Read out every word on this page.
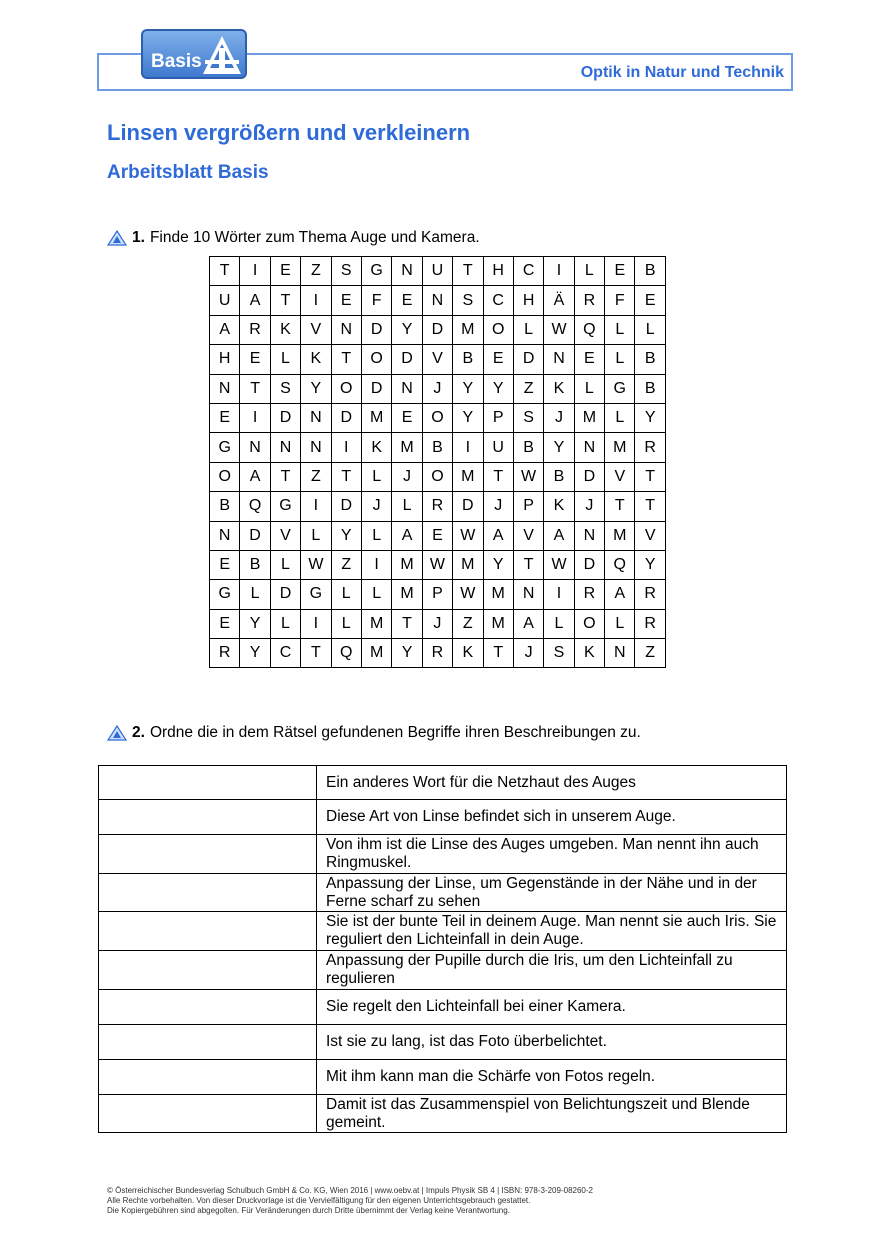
Basis
Optik in Natur und Technik
Linsen vergrößern und verkleinern
Arbeitsblatt Basis
1. Finde 10 Wörter zum Thema Auge und Kamera.
T	I	E	Z	S	G	N	U	T	H	C	I	L	E	B
U	A	T	I	E	F	E	N	S	C	H	Ä	R	F	E
A	R	K	V	N	D	Y	D	M	O	L	W	Q	L	L
H	E	L	K	T	O	D	V	B	E	D	N	E	L	B
N	T	S	Y	O	D	N	J	Y	Y	Z	K	L	G	B
E	I	D	N	D	M	E	O	Y	P	S	J	M	L	Y
G	N	N	N	I	K	M	B	I	U	B	Y	N	M	R
O	A	T	Z	T	L	J	O	M	T	W	B	D	V	T
B	Q	G	I	D	J	L	R	D	J	P	K	J	T	T
N	D	V	L	Y	L	A	E	W	A	V	A	N	M	V
E	B	L	W	Z	I	M	W	M	Y	T	W	D	Q	Y
G	L	D	G	L	L	M	P	W	M	N	I	R	A	R
E	Y	L	I	L	M	T	J	Z	M	A	L	O	L	R
R	Y	C	T	Q	M	Y	R	K	T	J	S	K	N	Z
2. Ordne die in dem Rätsel gefundenen Begriffe ihren Beschreibungen zu.
	Ein anderes Wort für die Netzhaut des Auges
	Diese Art von Linse befindet sich in unserem Auge.
	Von ihm ist die Linse des Auges umgeben. Man nennt ihn auch Ringmuskel.
	Anpassung der Linse, um Gegenstände in der Nähe und in der Ferne scharf zu sehen
	Sie ist der bunte Teil in deinem Auge. Man nennt sie auch Iris. Sie reguliert den Lichteinfall in dein Auge.
	Anpassung der Pupille durch die Iris, um den Lichteinfall zu regulieren
	Sie regelt den Lichteinfall bei einer Kamera.
	Ist sie zu lang, ist das Foto überbelichtet.
	Mit ihm kann man die Schärfe von Fotos regeln.
	Damit ist das Zusammenspiel von Belichtungszeit und Blende gemeint.
© Österreichischer Bundesverlag Schulbuch GmbH & Co. KG, Wien 2016 | www.oebv.at | Impuls Physik SB 4 | ISBN: 978-3-209-08260-2
Alle Rechte vorbehalten. Von dieser Druckvorlage ist die Vervielfältigung für den eigenen Unterrichtsgebrauch gestattet.
Die Kopiergebühren sind abgegolten. Für Veränderungen durch Dritte übernimmt der Verlag keine Verantwortung.
